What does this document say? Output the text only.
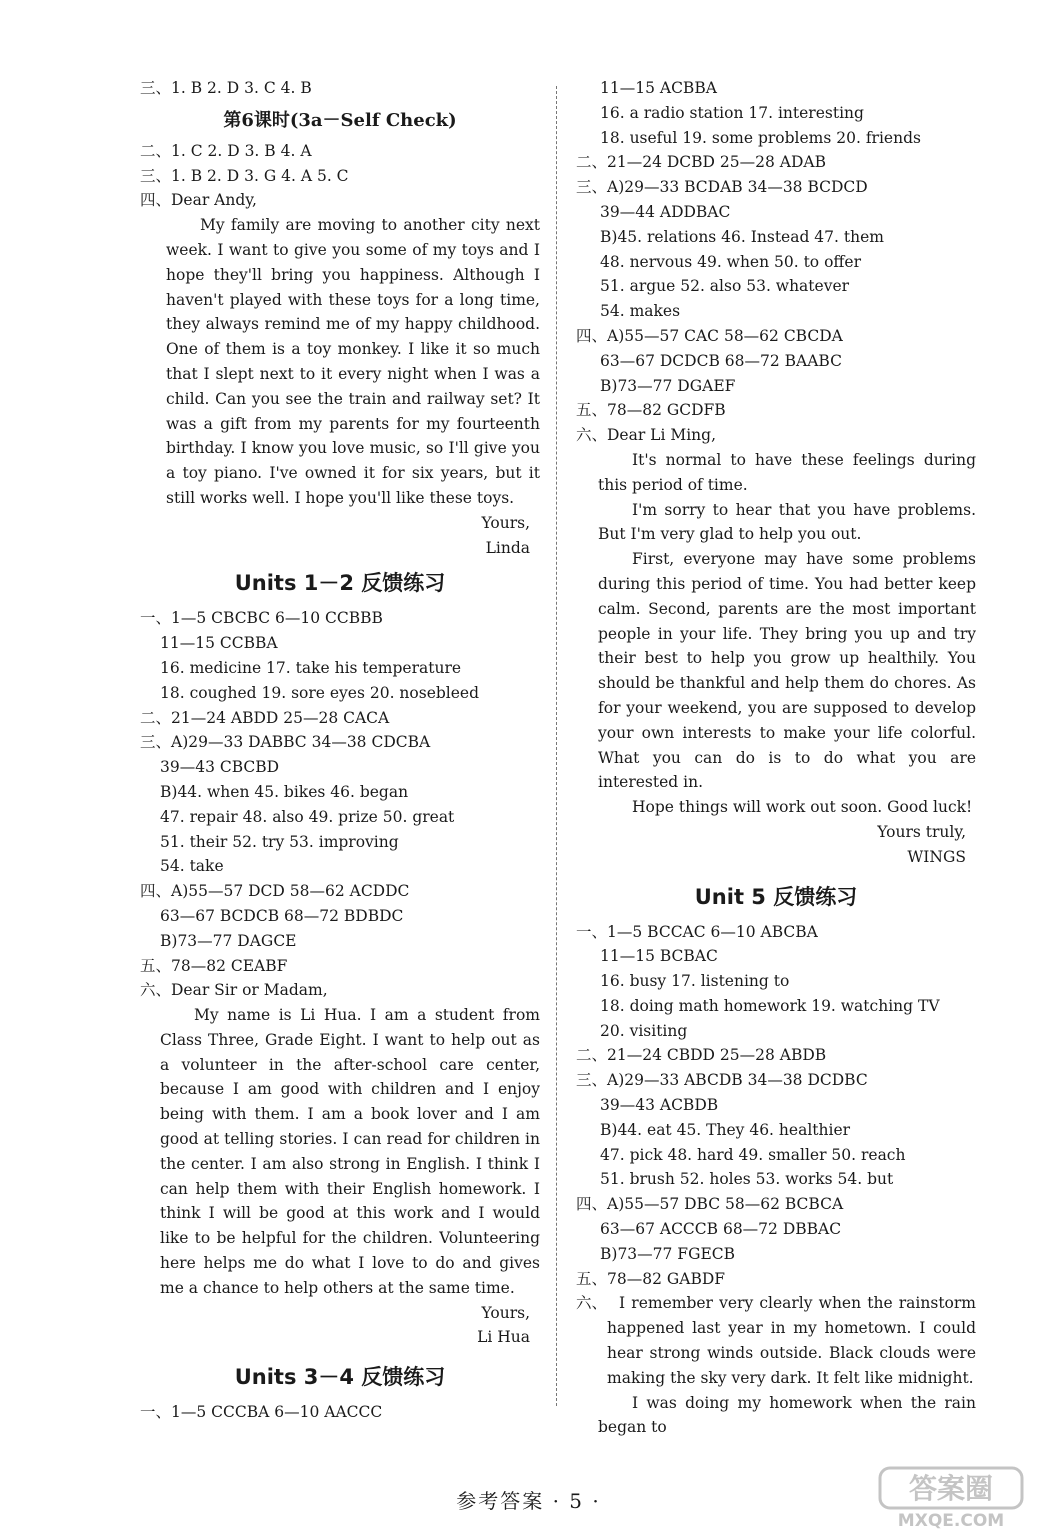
三、1. B 2. D 3. C 4. B
第6课时(3a－Self Check)
二、1. C 2. D 3. B 4. A
三、1. B 2. D 3. G 4. A 5. C
四、Dear Andy,
My family are moving to another city next week. I want to give you some of my toys and I hope they'll bring you happiness. Although I haven't played with these toys for a long time, they always remind me of my happy childhood. One of them is a toy monkey. I like it so much that I slept next to it every night when I was a child. Can you see the train and railway set? It was a gift from my parents for my fourteenth birthday. I know you love music, so I'll give you a toy piano. I've owned it for six years, but it still works well. I hope you'll like these toys.
Yours,
Linda
Units 1－2 反馈练习
一、1—5 CBCBC 6—10 CCBBB
11—15 CCBBA
16. medicine 17. take his temperature
18. coughed 19. sore eyes 20. nosebleed
二、21—24 ABDD 25—28 CACA
三、A)29—33 DABBC 34—38 CDCBA
39—43 CBCBD
B)44. when 45. bikes 46. began
47. repair 48. also 49. prize 50. great
51. their 52. try 53. improving
54. take
四、A)55—57 DCD 58—62 ACDDC
63—67 BCDCB 68—72 BDBDC
B)73—77 DAGCE
五、78—82 CEABF
六、Dear Sir or Madam,
My name is Li Hua. I am a student from Class Three, Grade Eight. I want to help out as a volunteer in the after-school care center, because I am good with children and I enjoy being with them. I am a book lover and I am good at telling stories. I can read for children in the center. I am also strong in English. I think I can help them with their English homework. I think I will be good at this work and I would like to be helpful for the children. Volunteering here helps me do what I love to do and gives me a chance to help others at the same time.
Yours,
Li Hua
Units 3－4 反馈练习
一、1—5 CCCBA 6—10 AACCC
11—15 ACBBA
16. a radio station 17. interesting
18. useful 19. some problems 20. friends
二、21—24 DCBD 25—28 ADAB
三、A)29—33 BCDAB 34—38 BCDCD
39—44 ADDBAC
B)45. relations 46. Instead 47. them
48. nervous 49. when 50. to offer
51. argue 52. also 53. whatever
54. makes
四、A)55—57 CAC 58—62 CBCDA
63—67 DCDCB 68—72 BAABC
B)73—77 DGAEF
五、78—82 GCDFB
六、Dear Li Ming,
It's normal to have these feelings during this period of time.
I'm sorry to hear that you have problems. But I'm very glad to help you out.
First, everyone may have some problems during this period of time. You had better keep calm. Second, parents are the most important people in your life. They bring you up and try their best to help you grow up healthily. You should be thankful and help them do chores. As for your weekend, you are supposed to develop your own interests to make your life colorful. What you can do is to do what you are interested in.
Hope things will work out soon. Good luck!
Yours truly,
WINGS
Unit 5 反馈练习
一、1—5 BCCAC 6—10 ABCBA
11—15 BCBAC
16. busy 17. listening to
18. doing math homework 19. watching TV
20. visiting
二、21—24 CBDD 25—28 ABDB
三、A)29—33 ABCDB 34—38 DCDBC
39—43 ACBDB
B)44. eat 45. They 46. healthier
47. pick 48. hard 49. smaller 50. reach
51. brush 52. holes 53. works 54. but
四、A)55—57 DBC 58—62 BCBCA
63—67 ACCCB 68—72 DBBAC
B)73—77 FGECB
五、78—82 GABDF
六、 I remember very clearly when the rainstorm happened last year in my hometown. I could hear strong winds outside. Black clouds were making the sky very dark. It felt like midnight.
I was doing my homework when the rain began to
参考答案 · 5 ·	答案圈
MXQE.COM
